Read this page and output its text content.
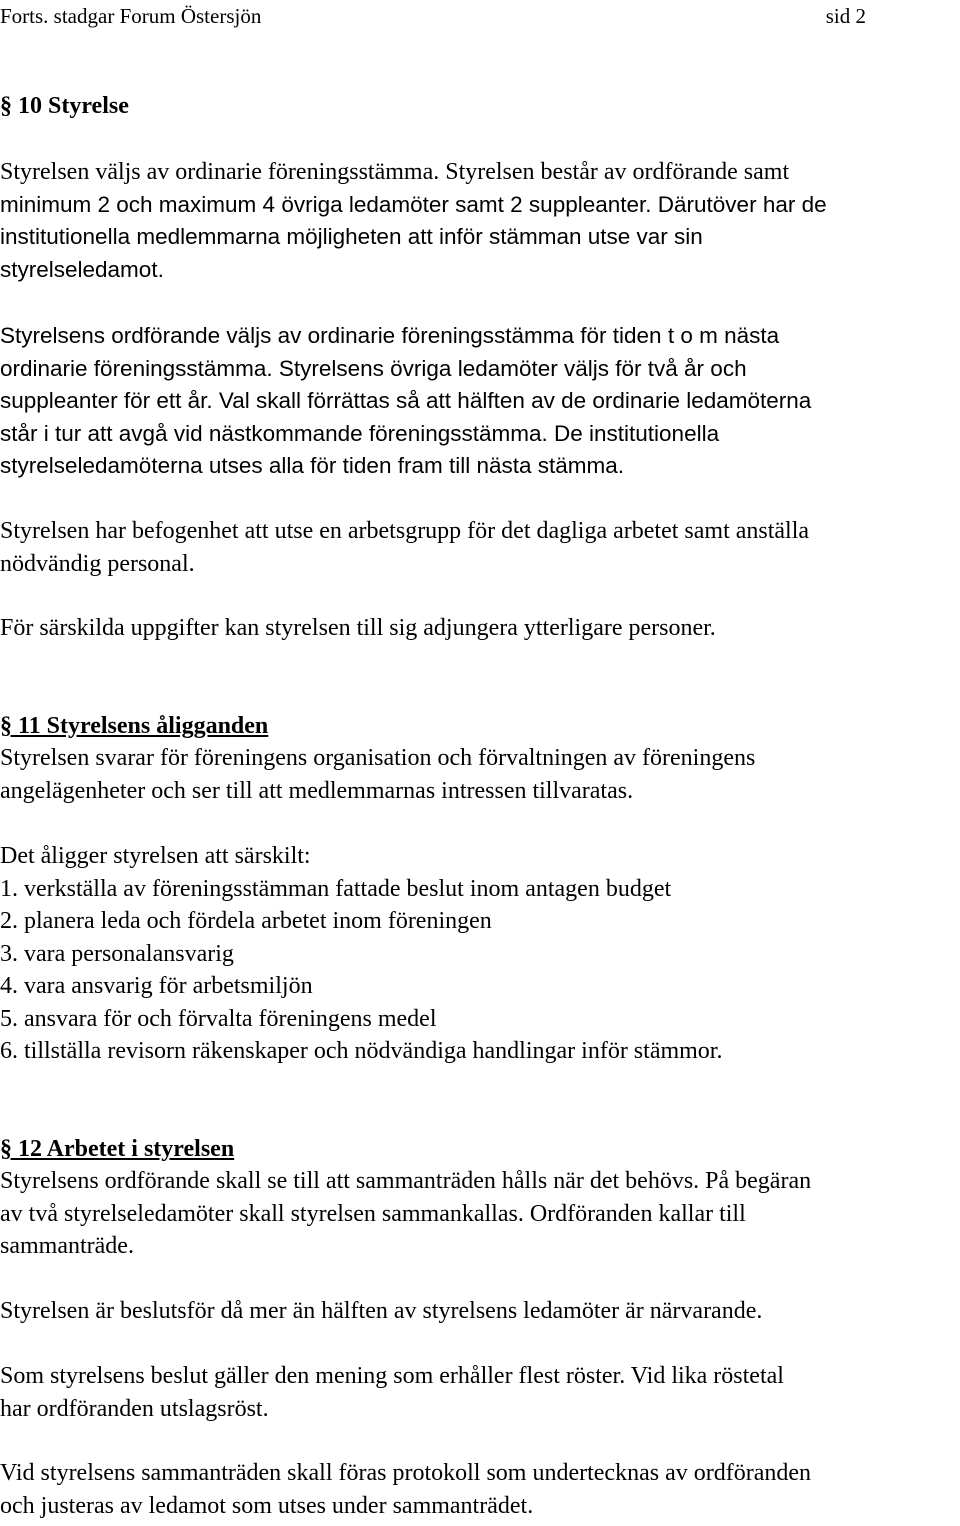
Forts. stadgar Forum Östersjön	sid 2
§ 10 Styrelse
Styrelsen väljs av ordinarie föreningsstämma. Styrelsen består av ordförande samt
minimum 2 och maximum 4 övriga ledamöter samt 2 suppleanter. Därutöver har de
institutionella medlemmarna möjligheten att inför stämman utse var sin
styrelseledamot.
Styrelsens ordförande väljs av ordinarie föreningsstämma för tiden t o m nästa
ordinarie föreningsstämma. Styrelsens övriga ledamöter väljs för två år och
suppleanter för ett år. Val skall förrättas så att hälften av de ordinarie ledamöterna
står i tur att avgå vid nästkommande föreningsstämma. De institutionella
styrelseledamöterna utses alla för tiden fram till nästa stämma.
Styrelsen har befogenhet att utse en arbetsgrupp för det dagliga arbetet samt anställa
nödvändig personal.
För särskilda uppgifter kan styrelsen till sig adjungera ytterligare personer.
§ 11 Styrelsens åligganden
Styrelsen svarar för föreningens organisation och förvaltningen av föreningens
angelägenheter och ser till att medlemmarnas intressen tillvaratas.
Det åligger styrelsen att särskilt:
1. verkställa av föreningsstämman fattade beslut inom antagen budget
2. planera leda och fördela arbetet inom föreningen
3. vara personalansvarig
4. vara ansvarig för arbetsmiljön
5. ansvara för och förvalta föreningens medel
6. tillställa revisorn räkenskaper och nödvändiga handlingar inför stämmor.
§ 12 Arbetet i styrelsen
Styrelsens ordförande skall se till att sammanträden hålls när det behövs. På begäran
av två styrelseledamöter skall styrelsen sammankallas. Ordföranden kallar till
sammanträde.
Styrelsen är beslutsför då mer än hälften av styrelsens ledamöter är närvarande.
Som styrelsens beslut gäller den mening som erhåller flest röster. Vid lika röstetal
har ordföranden utslagsröst.
Vid styrelsens sammanträden skall föras protokoll som undertecknas av ordföranden
och justeras av ledamot som utses under sammanträdet.
